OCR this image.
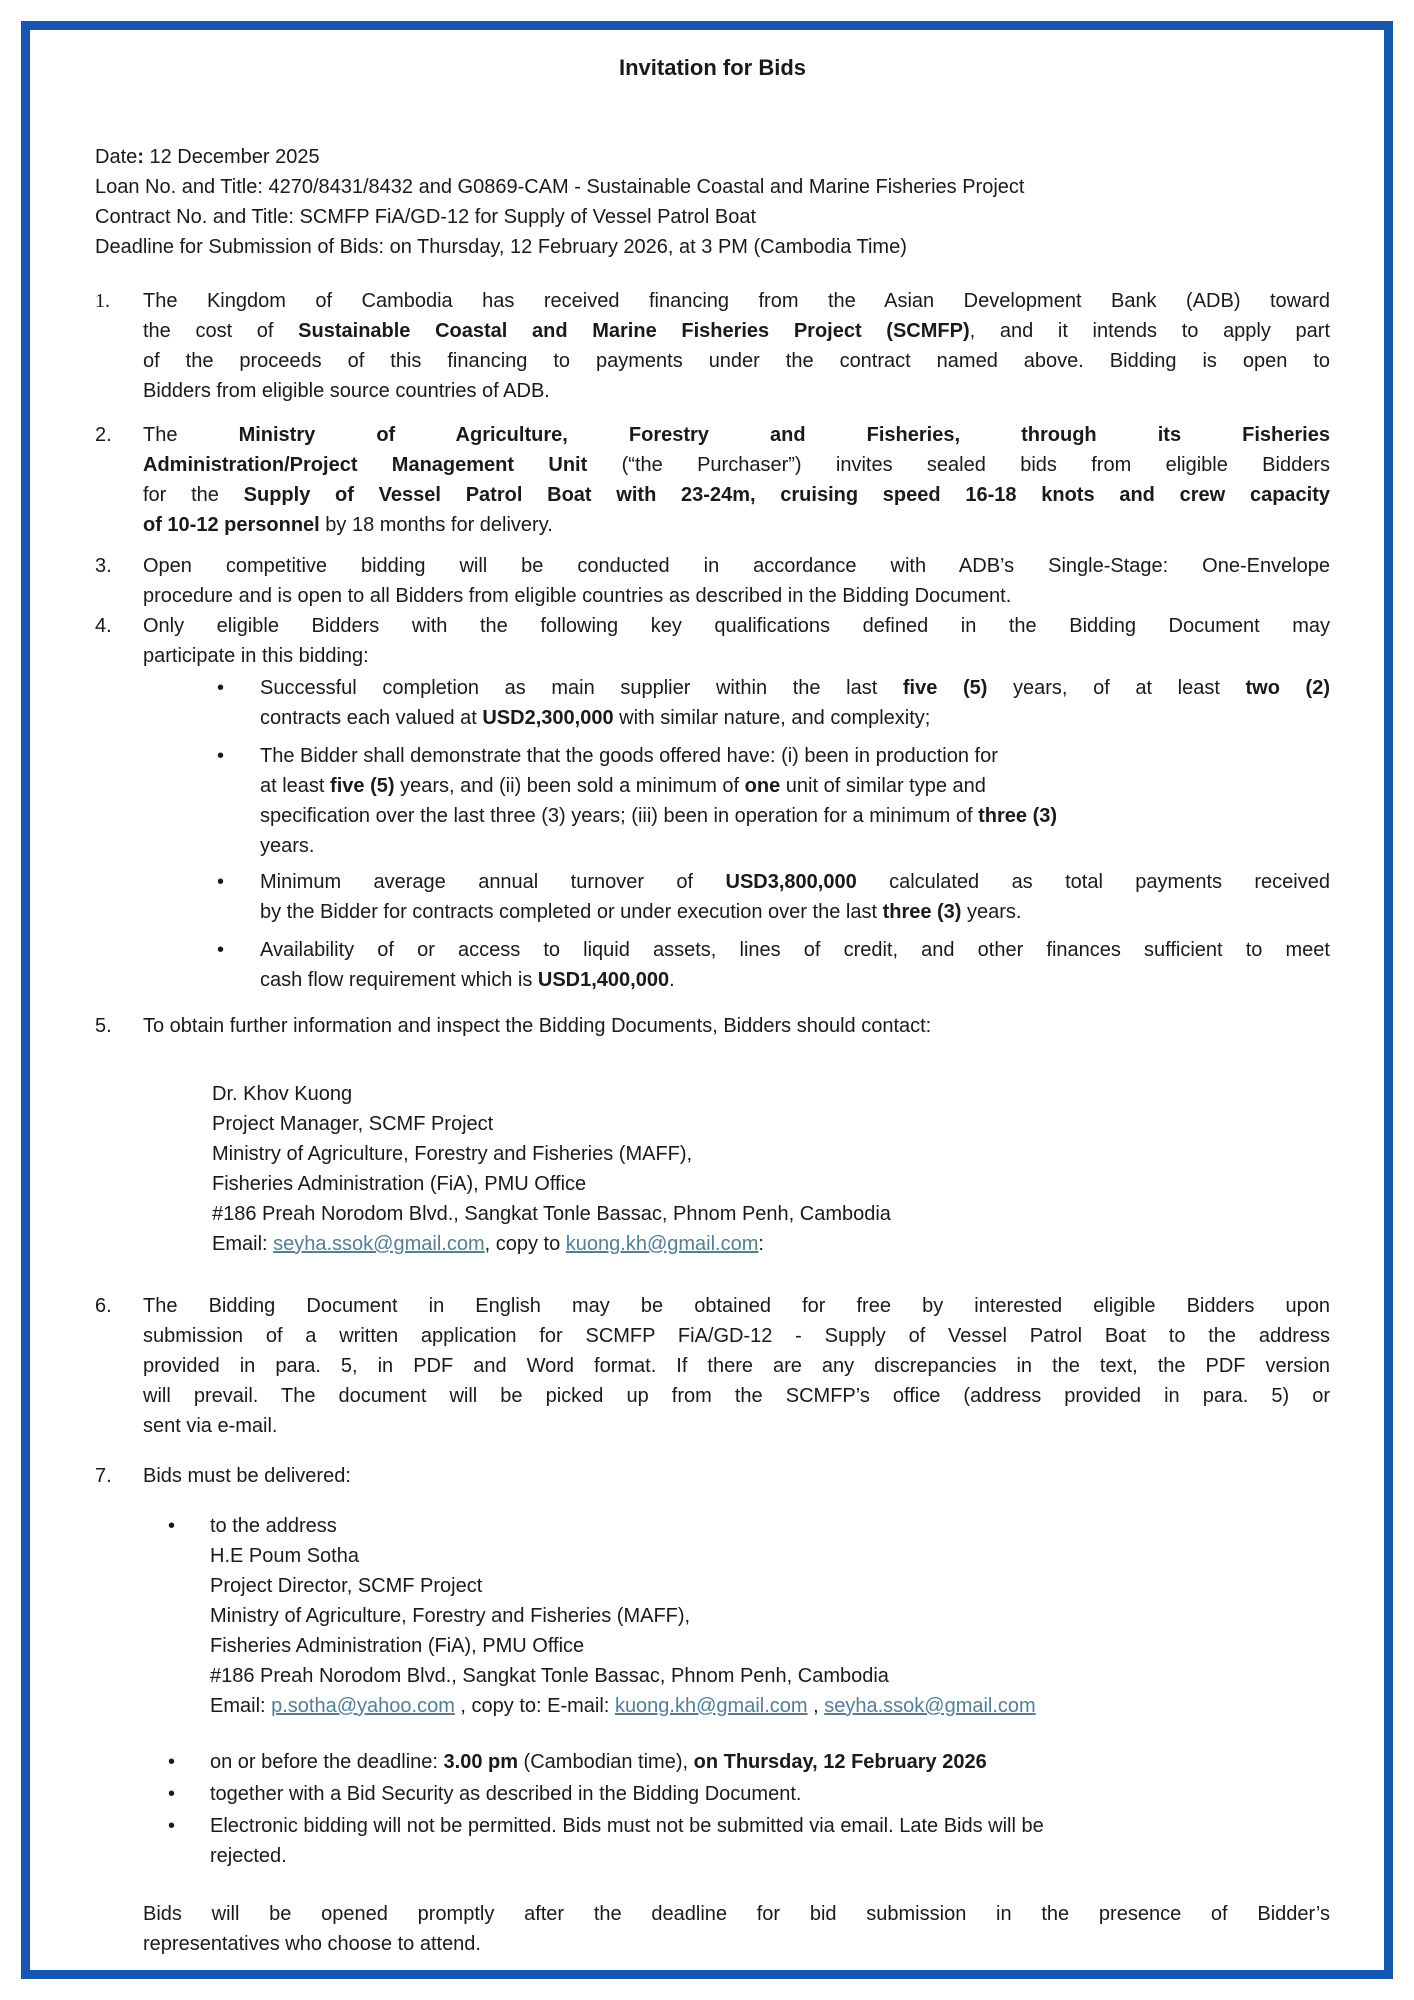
Invitation for Bids
Date: 12 December 2025
Loan No. and Title: 4270/8431/8432 and G0869-CAM - Sustainable Coastal and Marine Fisheries Project
Contract No. and Title: SCMFP FiA/GD-12 for Supply of Vessel Patrol Boat
Deadline for Submission of Bids: on Thursday, 12 February 2026, at 3 PM (Cambodia Time)
1.	The Kingdom of Cambodia has received financing from the Asian Development Bank (ADB) toward
the cost of Sustainable Coastal and Marine Fisheries Project (SCMFP), and it intends to apply part
of the proceeds of this financing to payments under the contract named above. Bidding is open to
Bidders from eligible source countries of ADB.
2.	The Ministry of Agriculture, Forestry and Fisheries, through its Fisheries
Administration/Project Management Unit (“the Purchaser”) invites sealed bids from eligible Bidders
for the Supply of Vessel Patrol Boat with 23-24m, cruising speed 16-18 knots and crew capacity
of 10-12 personnel by 18 months for delivery.
3.	Open competitive bidding will be conducted in accordance with ADB’s Single-Stage: One-Envelope
procedure and is open to all Bidders from eligible countries as described in the Bidding Document.
4.	Only eligible Bidders with the following key qualifications defined in the Bidding Document may
participate in this bidding:
•	Successful completion as main supplier within the last five (5) years, of at least two (2)
contracts each valued at USD2,300,000 with similar nature, and complexity;
•	The Bidder shall demonstrate that the goods offered have: (i) been in production for
at least five (5) years, and (ii) been sold a minimum of one unit of similar type and
specification over the last three (3) years; (iii) been in operation for a minimum of three (3)
years.
•	Minimum average annual turnover of USD3,800,000 calculated as total payments received
by the Bidder for contracts completed or under execution over the last three (3) years.
•	Availability of or access to liquid assets, lines of credit, and other finances sufficient to meet
cash flow requirement which is USD1,400,000.
5.	To obtain further information and inspect the Bidding Documents, Bidders should contact:
Dr. Khov Kuong
Project Manager, SCMF Project
Ministry of Agriculture, Forestry and Fisheries (MAFF),
Fisheries Administration (FiA), PMU Office
#186 Preah Norodom Blvd., Sangkat Tonle Bassac, Phnom Penh, Cambodia
Email: seyha.ssok@gmail.com, copy to kuong.kh@gmail.com:
6.	The Bidding Document in English may be obtained for free by interested eligible Bidders upon
submission of a written application for SCMFP FiA/GD-12 - Supply of Vessel Patrol Boat to the address
provided in para. 5, in PDF and Word format. If there are any discrepancies in the text, the PDF version
will prevail. The document will be picked up from the SCMFP’s office (address provided in para. 5) or
sent via e-mail.
7.	Bids must be delivered:
•	to the address
H.E Poum Sotha
Project Director, SCMF Project
Ministry of Agriculture, Forestry and Fisheries (MAFF),
Fisheries Administration (FiA), PMU Office
#186 Preah Norodom Blvd., Sangkat Tonle Bassac, Phnom Penh, Cambodia
Email: p.sotha@yahoo.com , copy to: E-mail: kuong.kh@gmail.com , seyha.ssok@gmail.com
•	on or before the deadline: 3.00 pm (Cambodian time), on Thursday, 12 February 2026
•	together with a Bid Security as described in the Bidding Document.
•	Electronic bidding will not be permitted. Bids must not be submitted via email. Late Bids will be
rejected.
Bids will be opened promptly after the deadline for bid submission in the presence of Bidder’s
representatives who choose to attend.
